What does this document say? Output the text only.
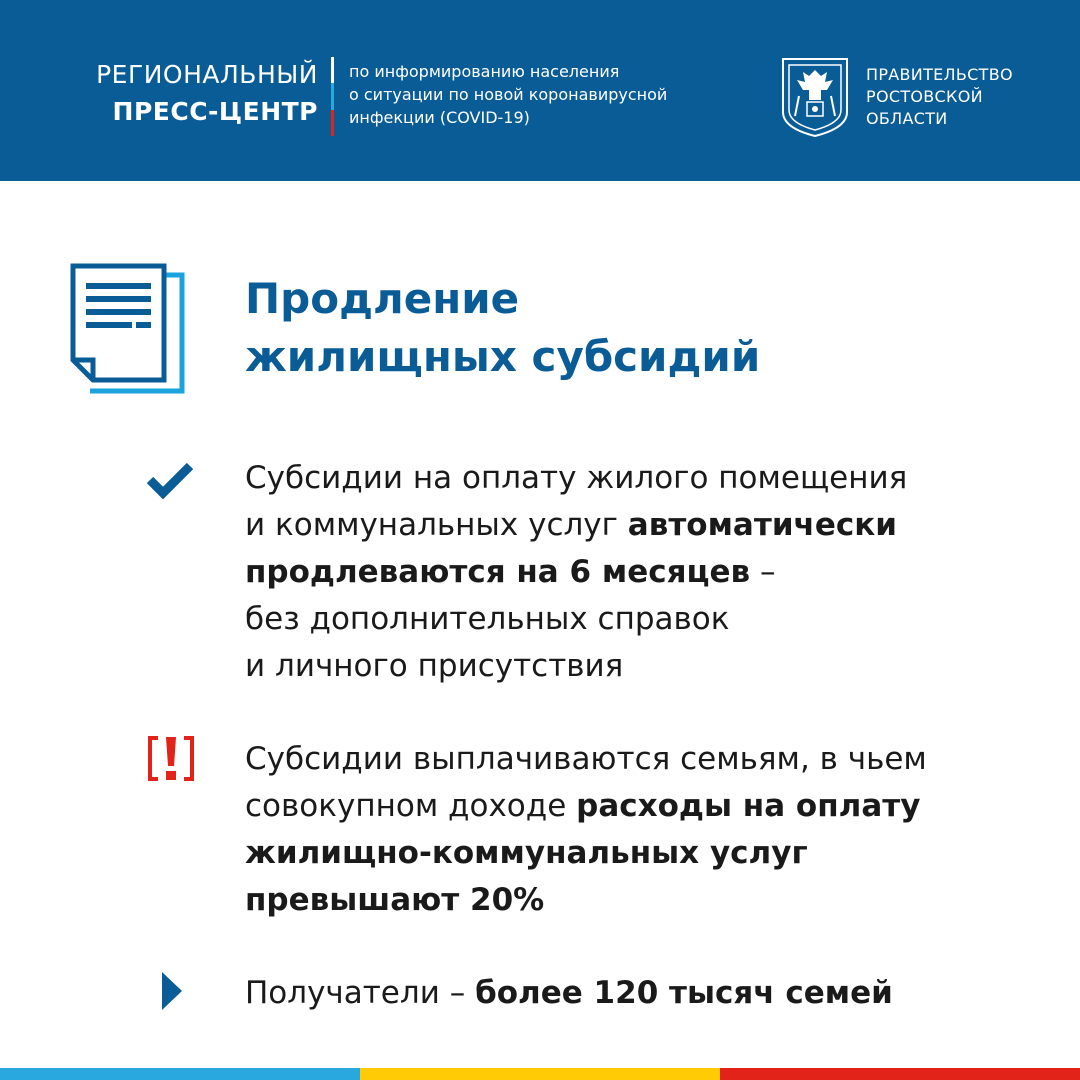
РЕГИОНАЛЬНЫЙ
ПРЕСС-ЦЕНТР
по информированию населения
о ситуации по новой коронавирусной
инфекции (COVID-19)
ПРАВИТЕЛЬСТВО
РОСТОВСКОЙ
ОБЛАСТИ
Продление
жилищных субсидий
Субсидии на оплату жилого помещения
и коммунальных услуг автоматически
продлеваются на 6 месяцев –
без дополнительных справок
и личного присутствия
Субсидии выплачиваются семьям, в чьем
совокупном доходе расходы на оплату
жилищно-коммунальных услуг
превышают 20%
Получатели – более 120 тысяч семей
